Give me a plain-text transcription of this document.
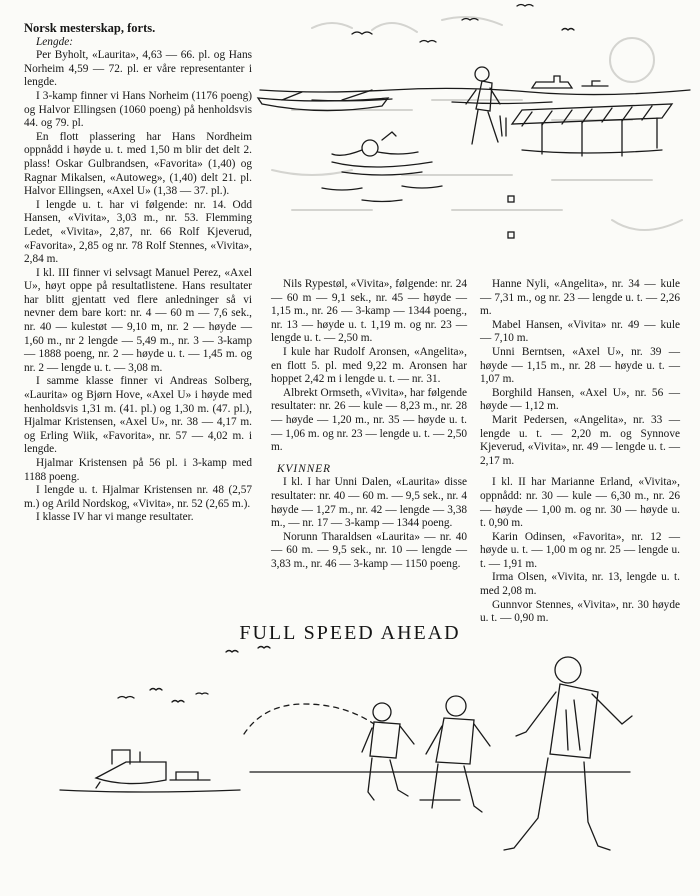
Norsk mesterskap, forts.

Lengde:

Per Byholt, «Laurita», 4,63 — 66. pl. og Hans Norheim 4,59 — 72. pl. er våre representanter i lengde.

I 3-kamp finner vi Hans Norheim (1176 poeng) og Halvor Ellingsen (1060 poeng) på henholdsvis 44. og 79. pl.

En flott plassering har Hans Nordheim oppnådd i høyde u. t. med 1,50 m blir det delt 2. plass! Oskar Gulbrandsen, «Favorita» (1,40) og Ragnar Mikalsen, «Autoweg», (1,40) delt 21. pl. Halvor Ellingsen, «Axel U» (1,38 — 37. pl.).

I lengde u. t. har vi følgende: nr. 14. Odd Hansen, «Vivita», 3,03 m., nr. 53. Flemming Ledet, «Vivita», 2,87, nr. 66 Rolf Kjeverud, «Favorita», 2,85 og nr. 78 Rolf Stennes, «Vivita», 2,84 m.

I kl. III finner vi selvsagt Manuel Perez, «Axel U», høyt oppe på resultatlistene. Hans resultater har blitt gjentatt ved flere anledninger så vi nevner dem bare kort: nr. 4 — 60 m — 7,6 sek., nr. 40 — kulestøt — 9,10 m, nr. 2 — høyde — 1,60 m., nr 2 lengde — 5,49 m., nr. 3 — 3-kamp — 1888 poeng, nr. 2 — høyde u. t. — 1,45 m. og nr. 2 — lengde u. t. — 3,08 m.

I samme klasse finner vi Andreas Solberg, «Laurita» og Bjørn Hove, «Axel U» i høyde med henholdsvis 1,31 m. (41. pl.) og 1,30 m. (47. pl.), Hjalmar Kristensen, «Axel U», nr. 38 — 4,17 m. og Erling Wiik, «Favorita», nr. 57 — 4,02 m. i lengde.

Hjalmar Kristensen på 56 pl. i 3-kamp med 1188 poeng.

I lengde u. t. Hjalmar Kristensen nr. 48 (2,57 m.) og Arild Nordskog, «Vivita», nr. 52 (2,65 m.).

I klasse IV har vi mange resultater.

Nils Rypestøl, «Vivita», følgende: nr. 24 — 60 m — 9,1 sek., nr. 45 — høyde — 1,15 m., nr. 26 — 3-kamp — 1344 poeng., nr. 13 — høyde u. t. 1,19 m. og nr. 23 — lengde u. t. — 2,50 m.

I kule har Rudolf Aronsen, «Angelita», en flott 5. pl. med 9,22 m. Aronsen har hoppet 2,42 m i lengde u. t. — nr. 31.

Albrekt Ormseth, «Vivita», har følgende resultater: nr. 26 — kule — 8,23 m., nr. 28 — høyde — 1,20 m., nr. 35 — høyde u. t. — 1,06 m. og nr. 23 — lengde u. t. — 2,50 m.

KVINNER

I kl. I har Unni Dalen, «Laurita» disse resultater: nr. 40 — 60 m. — 9,5 sek., nr. 4 høyde — 1,27 m., nr. 42 — lengde — 3,38 m., — nr. 17 — 3-kamp — 1344 poeng.

Norunn Tharaldsen «Laurita» — nr. 40 — 60 m. — 9,5 sek., nr. 10 — lengde — 3,83 m., nr. 46 — 3-kamp — 1150 poeng.

Hanne Nyli, «Angelita», nr. 34 — kule — 7,31 m., og nr. 23 — lengde u. t. — 2,26 m.

Mabel Hansen, «Vivita» nr. 49 — kule — 7,10 m.

Unni Berntsen, «Axel U», nr. 39 — høyde — 1,15 m., nr. 28 — høyde u. t. — 1,07 m.

Borghild Hansen, «Axel U», nr. 56 — høyde — 1,12 m.

Marit Pedersen, «Angelita», nr. 33 — lengde u. t. — 2,20 m. og Synnove Kjeverud, «Vivita», nr. 49 — lengde u. t. — 2,17 m.

I kl. II har Marianne Erland, «Vivita», oppnådd: nr. 30 — kule — 6,30 m., nr. 26 — høyde — 1,00 m. og nr. 30 — høyde u. t. 0,90 m.

Karin Odinsen, «Favorita», nr. 12 — høyde u. t. — 1,00 m og nr. 25 — lengde u. t. — 1,91 m.

Irma Olsen, «Vivita, nr. 13, lengde u. t. med 2,08 m.

Gunnvor Stennes, «Vivita», nr. 30 høyde u. t. — 0,90 m.

FULL SPEED AHEAD
